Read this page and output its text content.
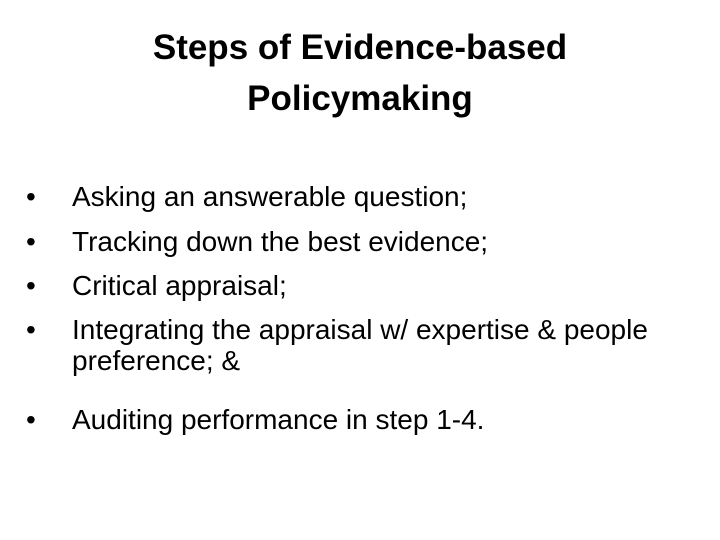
Steps of Evidence-based
Policymaking
•	Asking an answerable question;
•	Tracking down the best evidence;
•	Critical appraisal;
•	Integrating the appraisal w/ expertise & people preference; &
•	Auditing performance in step 1-4.
